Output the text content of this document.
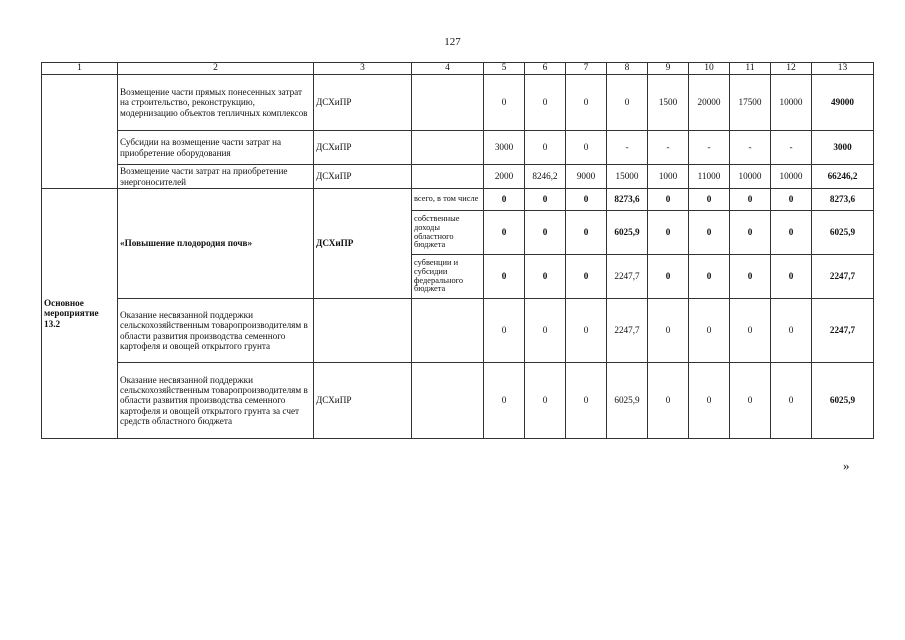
127
1	2	3	4	5	6	7	8	9	10	11	12	13
	Возмещение части прямых понесенных затрат на строительство, реконструкцию, модернизацию объектов тепличных комплексов	ДСХиПР		0	0	0	0	1500	20000	17500	10000	49000
	Субсидии на возмещение части затрат на приобретение оборудования	ДСХиПР		3000	0	0	-	-	-	-	-	3000
	Возмещение части затрат на приобретение энергоносителей	ДСХиПР		2000	8246,2	9000	15000	1000	11000	10000	10000	66246,2
Основное мероприятие 13.2	«Повышение плодородия почв»	ДСХиПР	всего, в том числе	0	0	0	8273,6	0	0	0	0	8273,6
			собственные доходы областного бюджета	0	0	0	6025,9	0	0	0	0	6025,9
			субвенции и субсидии федерального бюджета	0	0	0	2247,7	0	0	0	0	2247,7
	Оказание несвязанной поддержки сельскохозяйственным товаропроизводителям в области развития производства семенного картофеля и овощей открытого грунта			0	0	0	2247,7	0	0	0	0	2247,7
	Оказание несвязанной поддержки сельскохозяйственным товаропроизводителям в области развития производства семенного картофеля и овощей открытого грунта за счет средств областного бюджета	ДСХиПР		0	0	0	6025,9	0	0	0	0	6025,9
»
